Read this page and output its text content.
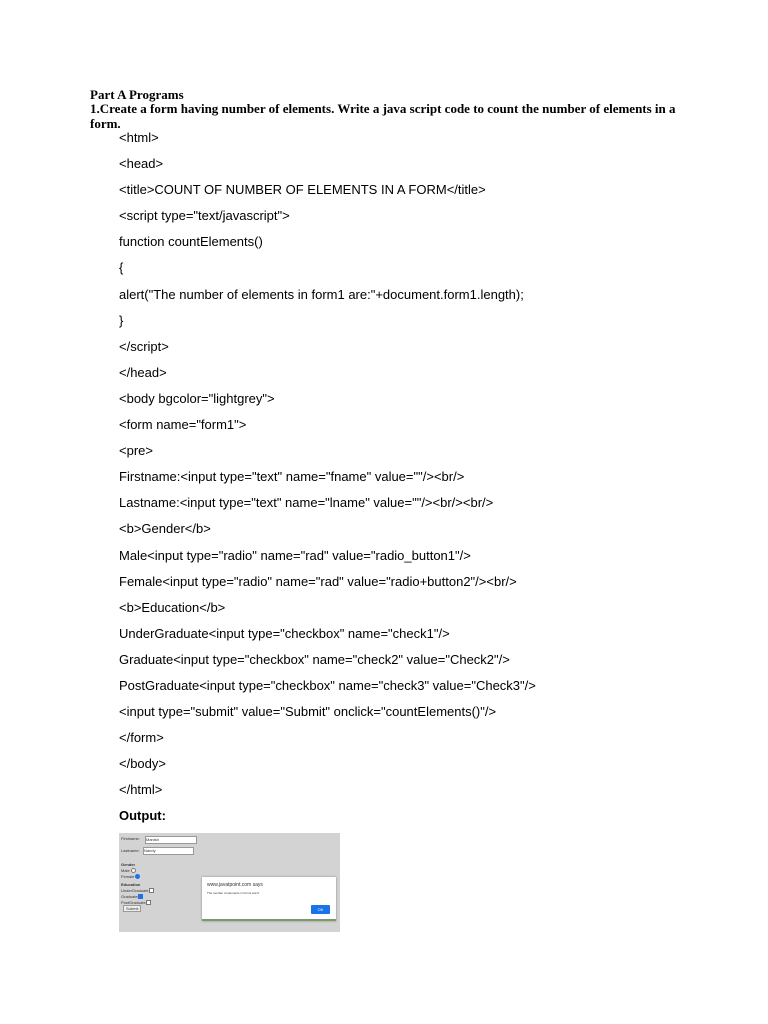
Part A Programs
1.Create a form having number of elements. Write a java script code to count the number of elements in a form.
<html>
<head>
<title>COUNT OF NUMBER OF ELEMENTS IN A FORM</title>
<script type="text/javascript">
function countElements()
{
alert("The number of elements in form1 are:"+document.form1.length);
}
</script>
</head>
<body bgcolor="lightgrey">
<form name="form1">
<pre>
Firstname:<input type="text" name="fname" value=""/><br/>
Lastname:<input type="text" name="lname" value=""/><br/><br/>
<b>Gender</b>
Male<input type="radio" name="rad" value="radio_button1"/>
Female<input type="radio" name="rad" value="radio+button2"/><br/>
<b>Education</b>
UnderGraduate<input type="checkbox" name="check1"/>
Graduate<input type="checkbox" name="check2" value="Check2"/>
PostGraduate<input type="checkbox" name="check3" value="Check3"/>
<input type="submit" value="Submit" onclick="countElements()"/>
</form>
</body>
</html>
Output:
Firstname: Manish
Lastname: Nandy
Gender
Male
Female
Education
UnderGraduate
Graduate
PostGraduate
Submit
www.javatpoint.com says
The number of elements in form1 are:9
OK
